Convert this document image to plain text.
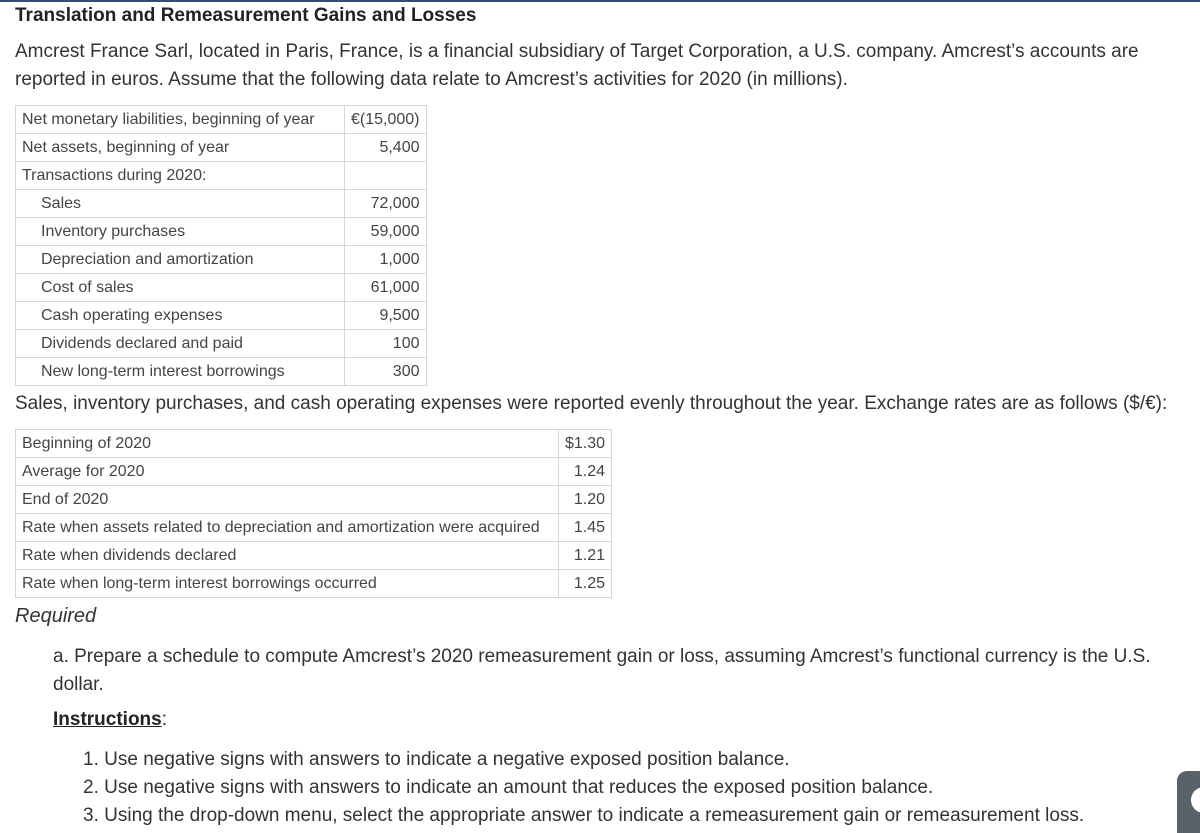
Translation and Remeasurement Gains and Losses
Amcrest France Sarl, located in Paris, France, is a financial subsidiary of Target Corporation, a U.S. company. Amcrest’s accounts are reported in euros. Assume that the following data relate to Amcrest’s activities for 2020 (in millions).
Net monetary liabilities, beginning of year	€(15,000)
Net assets, beginning of year	5,400
Transactions during 2020:	
Sales	72,000
Inventory purchases	59,000
Depreciation and amortization	1,000
Cost of sales	61,000
Cash operating expenses	9,500
Dividends declared and paid	100
New long-term interest borrowings	300
Sales, inventory purchases, and cash operating expenses were reported evenly throughout the year. Exchange rates are as follows ($/€):
Beginning of 2020	$1.30
Average for 2020	1.24
End of 2020	1.20
Rate when assets related to depreciation and amortization were acquired	1.45
Rate when dividends declared	1.21
Rate when long-term interest borrowings occurred	1.25
Required
a. Prepare a schedule to compute Amcrest’s 2020 remeasurement gain or loss, assuming Amcrest’s functional currency is the U.S. dollar.
Instructions:
1. Use negative signs with answers to indicate a negative exposed position balance.
2. Use negative signs with answers to indicate an amount that reduces the exposed position balance.
3. Using the drop-down menu, select the appropriate answer to indicate a remeasurement gain or remeasurement loss.
